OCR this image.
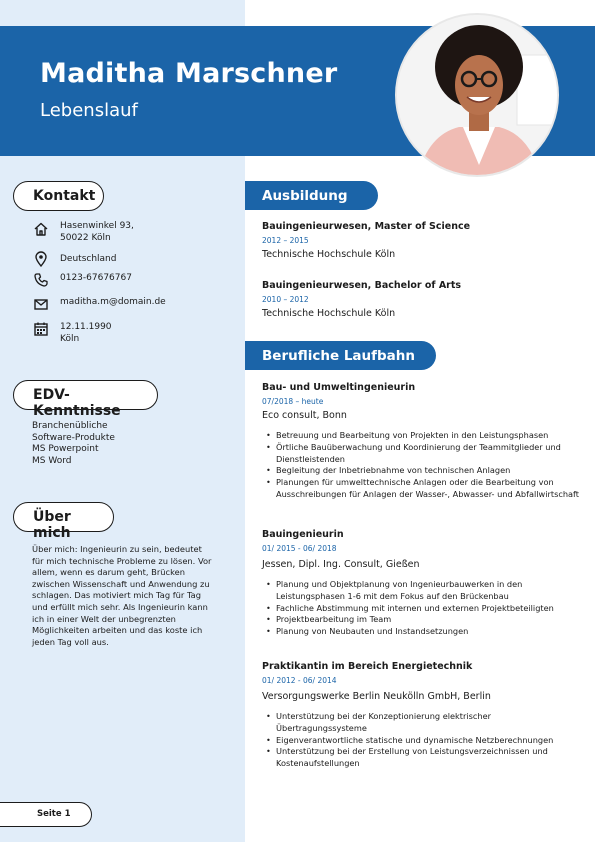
Maditha Marschner
Lebenslauf
Kontakt
Hasenwinkel 93,
50022 Köln
Deutschland
0123-67676767
maditha.m@domain.de
12.11.1990
Köln
EDV-Kenntnisse
Branchenübliche
Software-Produkte
MS Powerpoint
MS Word
Über mich
Über mich: Ingenieurin zu sein, bedeutet für mich technische Probleme zu lösen. Vor allem, wenn es darum geht, Brücken zwischen Wissenschaft und Anwendung zu schlagen. Das motiviert mich Tag für Tag und erfüllt mich sehr. Als Ingenieurin kann ich in einer Welt der unbegrenzten Möglichkeiten arbeiten und das koste ich jeden Tag voll aus.
Ausbildung
Bauingenieurwesen, Master of Science
2012 – 2015
Technische Hochschule Köln
Bauingenieurwesen, Bachelor of Arts
2010 – 2012
Technische Hochschule Köln
Berufliche Laufbahn
Bau- und Umweltingenieurin
07/2018 – heute
Eco consult, Bonn
• Betreuung und Bearbeitung von Projekten in den Leistungsphasen
• Örtliche Bauüberwachung und Koordinierung der Teammitglieder und Dienstleistenden
• Begleitung der Inbetriebnahme von technischen Anlagen
• Planungen für umwelttechnische Anlagen oder die Bearbeitung von Ausschreibungen für Anlagen der Wasser-, Abwasser- und Abfallwirtschaft
Bauingenieurin
01/ 2015 - 06/ 2018
Jessen, Dipl. Ing. Consult, Gießen
• Planung und Objektplanung von Ingenieurbauwerken in den Leistungsphasen 1-6 mit dem Fokus auf den Brückenbau
• Fachliche Abstimmung mit internen und externen Projektbeteiligten
• Projektbearbeitung im Team
• Planung von Neubauten und Instandsetzungen
Praktikantin im Bereich Energietechnik
01/ 2012 - 06/ 2014
Versorgungswerke Berlin Neukölln GmbH, Berlin
• Unterstützung bei der Konzeptionierung elektrischer Übertragungssysteme
• Eigenverantwortliche statische und dynamische Netzberechnungen
• Unterstützung bei der Erstellung von Leistungsverzeichnissen und Kostenaufstellungen
Seite 1
